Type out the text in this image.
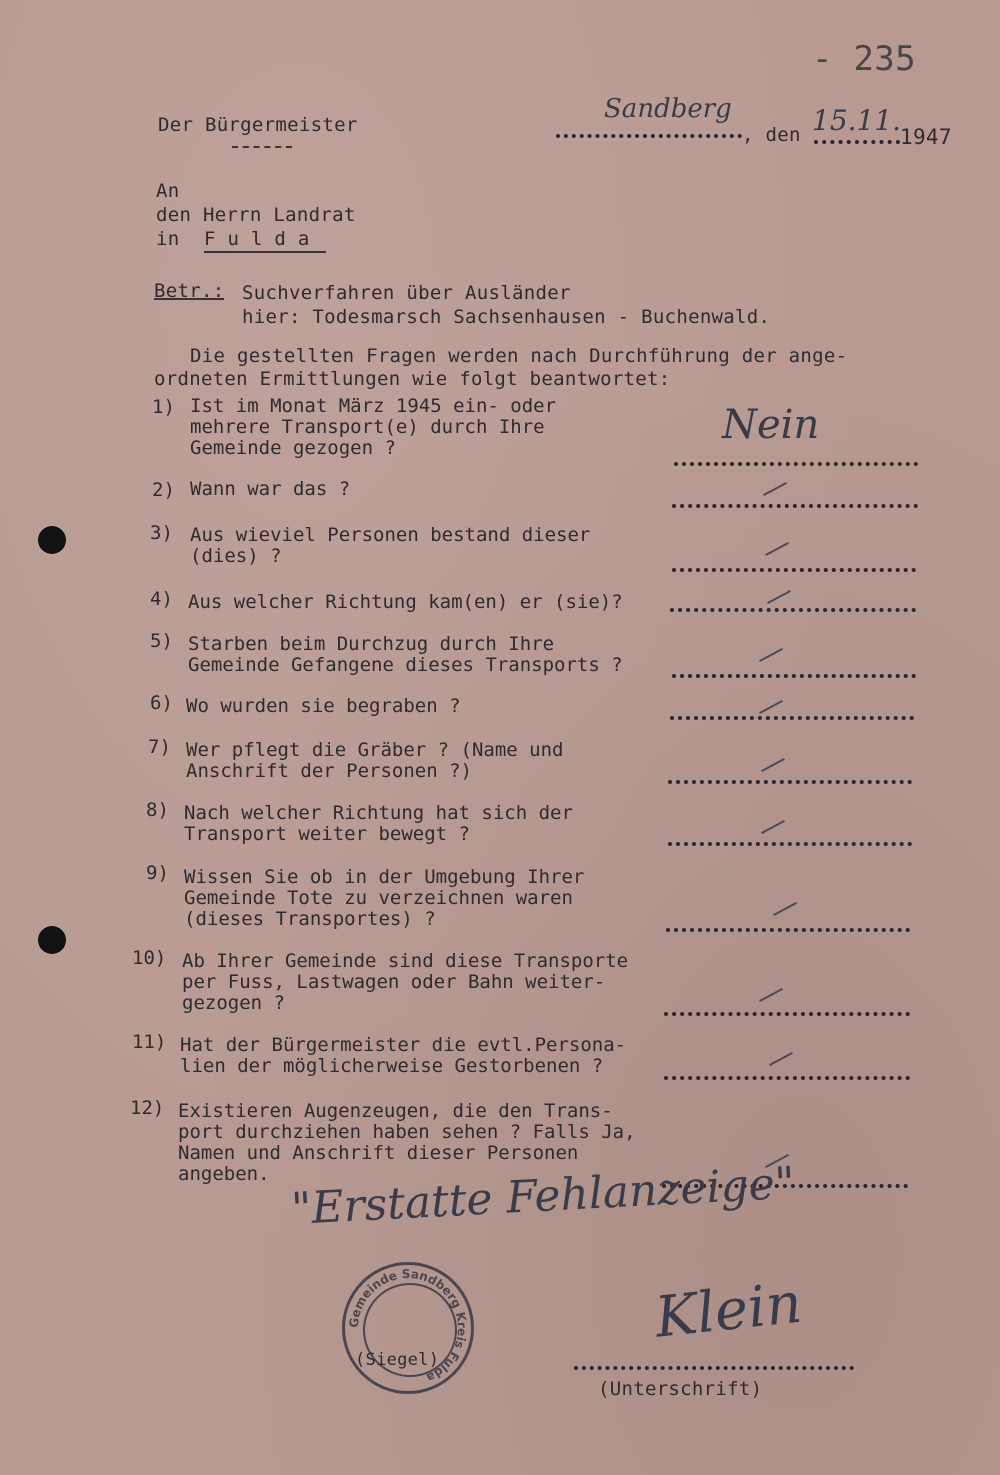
- 235
Der Bürgermeister
Sandberg
, den 15.11.
1947
An
den Herrn Landrat
in F u l d a
Betr.: Suchverfahren über Ausländer
hier: Todesmarsch Sachsenhausen - Buchenwald.
Die gestellten Fragen werden nach Durchführung der ange-
ordneten Ermittlungen wie folgt beantwortet:
1) Ist im Monat März 1945 ein- oder
mehrere Transport(e) durch Ihre
Gemeinde gezogen ?	Nein
2) Wann war das ?
3) Aus wieviel Personen bestand dieser
(dies) ?
4) Aus welcher Richtung kam(en) er (sie)?
5) Starben beim Durchzug durch Ihre
Gemeinde Gefangene dieses Transports ?
6) Wo wurden sie begraben ?
7) Wer pflegt die Gräber ? (Name und
Anschrift der Personen ?)
8) Nach welcher Richtung hat sich der
Transport weiter bewegt ?
9) Wissen Sie ob in der Umgebung Ihrer
Gemeinde Tote zu verzeichnen waren
(dieses Transportes) ?
10) Ab Ihrer Gemeinde sind diese Transporte
per Fuss, Lastwagen oder Bahn weiter-
gezogen ?
11) Hat der Bürgermeister die evtl.Persona-
lien der möglicherweise Gestorbenen ?
12) Existieren Augenzeugen, die den Trans-
port durchziehen haben sehen ? Falls Ja,
Namen und Anschrift dieser Personen
angeben. "Erstatte Fehlanzeige"
Gemeinde Sandberg Kreis Fulda
(Siegel)
Klein
(Unterschrift)
